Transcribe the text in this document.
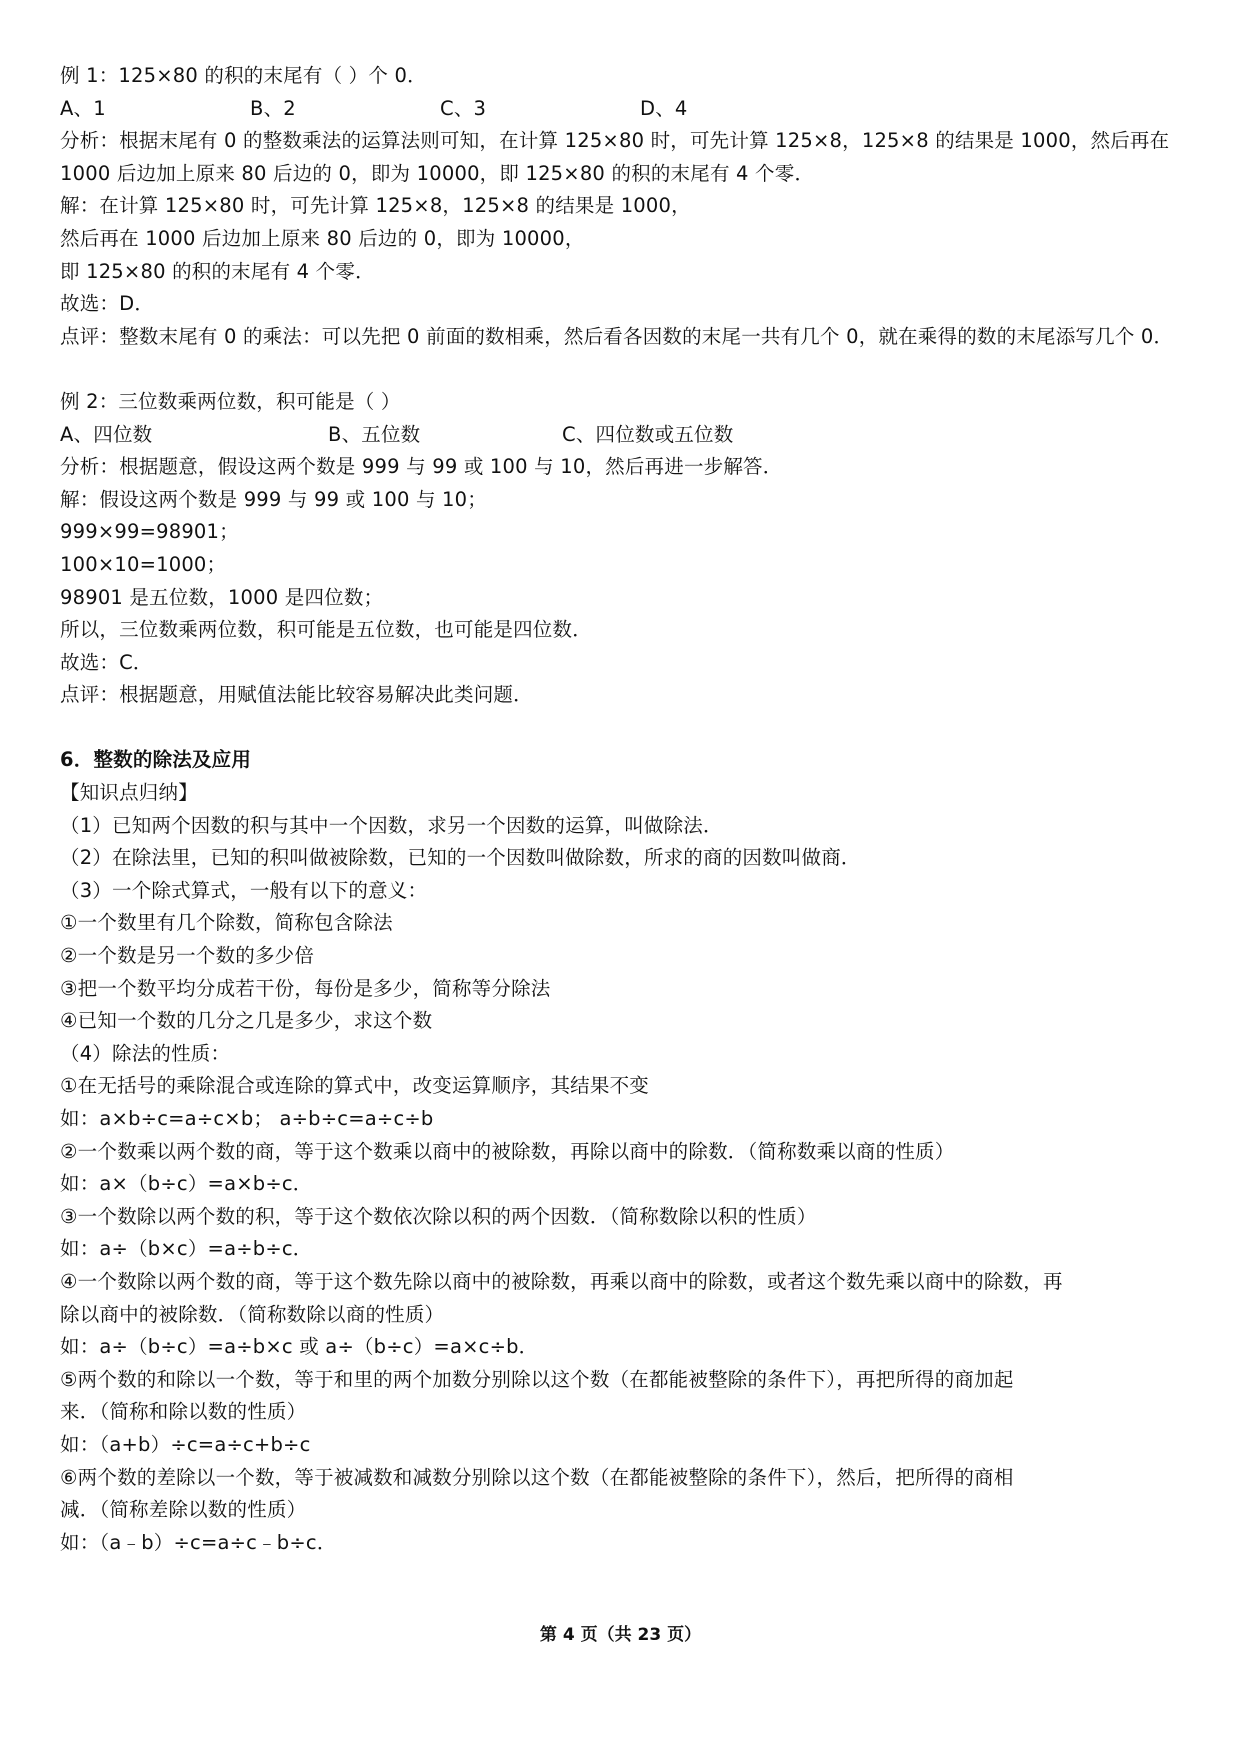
例 1：125×80 的积的末尾有（ ）个 0．
A、1	B、2	C、3	D、4
分析：根据末尾有 0 的整数乘法的运算法则可知，在计算 125×80 时，可先计算 125×8，125×8 的结果是 1000，然后再在 1000 后边加上原来 80 后边的 0，即为 10000，即 125×80 的积的末尾有 4 个零．
解：在计算 125×80 时，可先计算 125×8，125×8 的结果是 1000，
然后再在 1000 后边加上原来 80 后边的 0，即为 10000，
即 125×80 的积的末尾有 4 个零．
故选：D．
点评：整数末尾有 0 的乘法：可以先把 0 前面的数相乘，然后看各因数的末尾一共有几个 0，就在乘得的数的末尾添写几个 0．
例 2：三位数乘两位数，积可能是（ ）
A、四位数	B、五位数	C、四位数或五位数
分析：根据题意，假设这两个数是 999 与 99 或 100 与 10，然后再进一步解答．
解：假设这两个数是 999 与 99 或 100 与 10；
999×99=98901；
100×10=1000；
98901 是五位数，1000 是四位数；
所以，三位数乘两位数，积可能是五位数，也可能是四位数．
故选：C．
点评：根据题意，用赋值法能比较容易解决此类问题．
6．整数的除法及应用
【知识点归纳】
（1）已知两个因数的积与其中一个因数，求另一个因数的运算，叫做除法．
（2）在除法里，已知的积叫做被除数，已知的一个因数叫做除数，所求的商的因数叫做商．
（3）一个除式算式，一般有以下的意义：
①一个数里有几个除数，简称包含除法
②一个数是另一个数的多少倍
③把一个数平均分成若干份，每份是多少，简称等分除法
④已知一个数的几分之几是多少，求这个数
（4）除法的性质：
①在无括号的乘除混合或连除的算式中，改变运算顺序，其结果不变
如：a×b÷c=a÷c×b； a÷b÷c=a÷c÷b
②一个数乘以两个数的商，等于这个数乘以商中的被除数，再除以商中的除数．（简称数乘以商的性质）
如：a×（b÷c）=a×b÷c．
③一个数除以两个数的积，等于这个数依次除以积的两个因数．（简称数除以积的性质）
如：a÷（b×c）=a÷b÷c．
④一个数除以两个数的商，等于这个数先除以商中的被除数，再乘以商中的除数，或者这个数先乘以商中的除数，再
除以商中的被除数．（简称数除以商的性质）
如：a÷（b÷c）=a÷b×c 或 a÷（b÷c）=a×c÷b．
⑤两个数的和除以一个数，等于和里的两个加数分别除以这个数（在都能被整除的条件下），再把所得的商加起
来．（简称和除以数的性质）
如：（a+b）÷c=a÷c+b÷c
⑥两个数的差除以一个数，等于被减数和减数分别除以这个数（在都能被整除的条件下），然后，把所得的商相
减．（简称差除以数的性质）
如：（a﹣b）÷c=a÷c﹣b÷c．
第 4 页（共 23 页）
